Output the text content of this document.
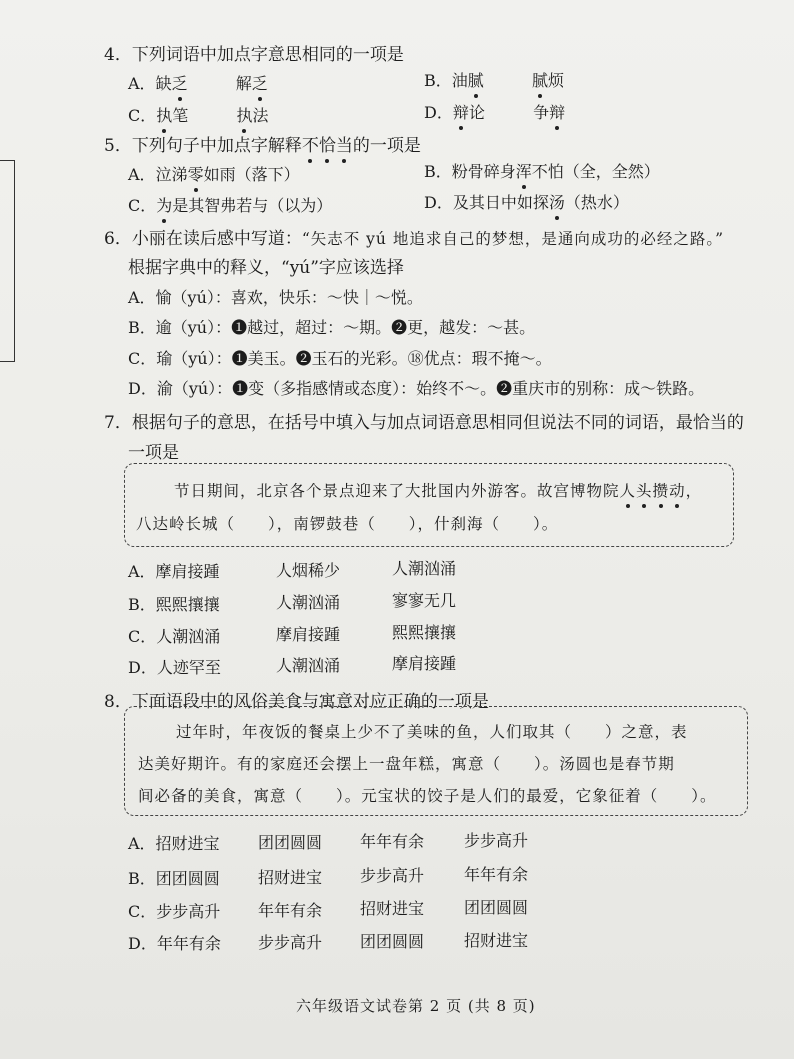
4．下列词语中加点字意思相同的一项是
A．缺乏	解乏	B．油腻	腻烦
C．执笔	执法	D．辩论	争辩
5．下列句子中加点字解释不恰当的一项是
A．泣涕零如雨（落下）	B．粉骨碎身浑不怕（全，全然）
C．为是其智弗若与（以为）	D．及其日中如探汤（热水）
6．小丽在读后感中写道：“矢志不 yú 地追求自己的梦想，是通向成功的必经之路。”
根据字典中的释义，“yú”字应该选择
A．愉（yú）：喜欢，快乐：～快｜～悦。
B．逾（yú）：❶越过，超过：～期。❷更，越发：～甚。
C．瑜（yú）：❶美玉。❷玉石的光彩。⑱优点：瑕不掩～。
D．渝（yú）：❶变（多指感情或态度）：始终不～。❷重庆市的别称：成～铁路。
7．根据句子的意思，在括号中填入与加点词语意思相同但说法不同的词语，最恰当的
一项是
节日期间，北京各个景点迎来了大批国内外游客。故宫博物院人头攒动，
八达岭长城（　　），南锣鼓巷（　　），什刹海（　　）。
A．摩肩接踵	人烟稀少	人潮汹涌
B．熙熙攘攘	人潮汹涌	寥寥无几
C．人潮汹涌	摩肩接踵	熙熙攘攘
D．人迹罕至	人潮汹涌	摩肩接踵
8．下面语段中的风俗美食与寓意对应正确的一项是
过年时，年夜饭的餐桌上少不了美味的鱼，人们取其（　　）之意，表
达美好期许。有的家庭还会摆上一盘年糕，寓意（　　）。汤圆也是春节期
间必备的美食，寓意（　　）。元宝状的饺子是人们的最爱，它象征着（　　）。
A．招财进宝 团团圆圆 年年有余 步步高升
B．团团圆圆 招财进宝 步步高升 年年有余
C．步步高升 年年有余 招财进宝 团团圆圆
D．年年有余 步步高升 团团圆圆 招财进宝
六年级语文试卷第 2 页 (共 8 页)
